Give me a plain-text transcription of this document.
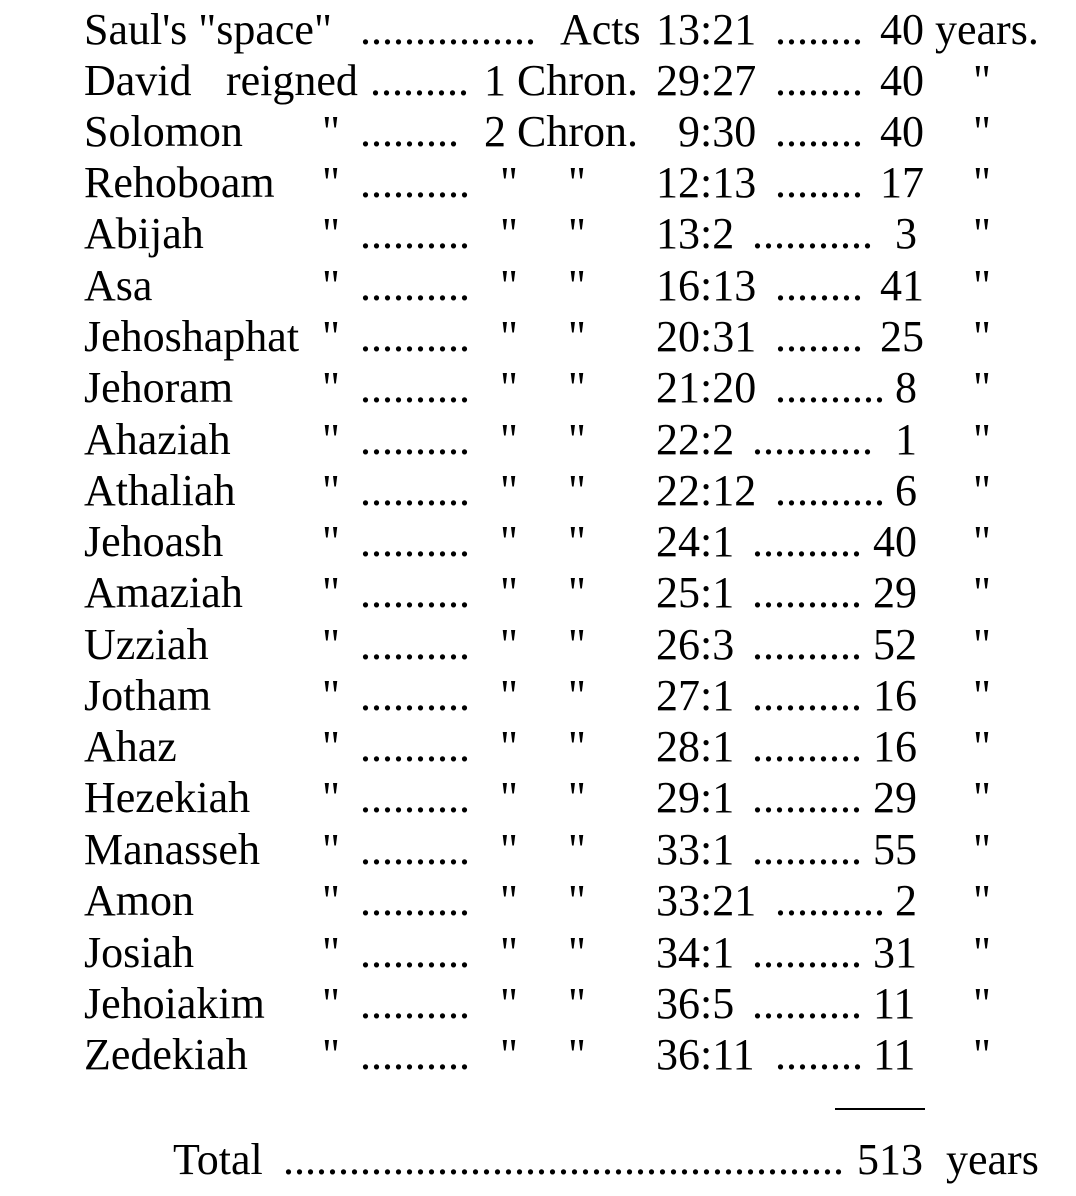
Saul's "space" ................ Acts 13:21 ........ 40 years.
David reigned ......... 1 Chron. 29:27 ........ 40 "
Solomon " ......... 2 Chron. 9:30 ........ 40 "
Rehoboam " .......... " " 12:13 ........ 17 "
Abijah	" .......... " " 13:2 ........... 3 "
Asa	" .......... " " 16:13 ........ 41 "
Jehoshaphat " .......... " " 20:31 ........ 25 "
Jehoram " .......... " " 21:20 .......... 8 "
Ahaziah " .......... " " 22:2 ........... 1 "
Athaliah " .......... " " 22:12 .......... 6 "
Jehoash " .......... " " 24:1 .......... 40 "
Amaziah " .......... " " 25:1 .......... 29 "
Uzziah	" .......... " " 26:3 .......... 52 "
Jotham	" .......... " " 27:1 .......... 16 "
Ahaz	" .......... " " 28:1 .......... 16 "
Hezekiah " .......... " " 29:1 .......... 29 "
Manasseh " .......... " " 33:1 .......... 55 "
Amon	" .......... " " 33:21 .......... 2 "
Josiah	" .......... " " 34:1 .......... 31 "
Jehoiakim " .......... " " 36:5 .......... 11 "
Zedekiah " .......... " " 36:11 ........ 11 "
Total ................................................... 513 years
